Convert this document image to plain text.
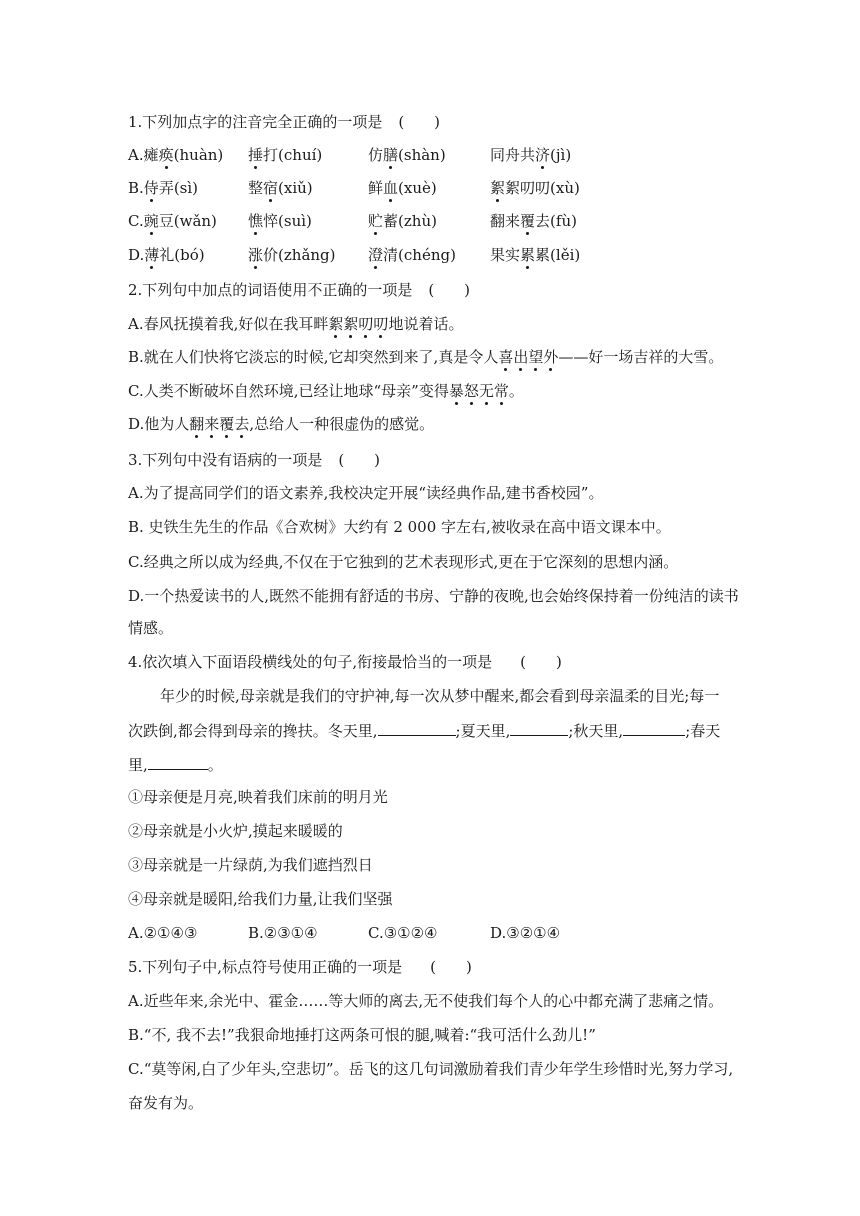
1.下列加点字的注音完全正确的一项是 (　　)
A.瘫痪(huàn) 捶打(chuí)	仿膳(shàn)	同舟共济(jì)
B.侍弄(sì)	整宿(xiǔ)	鲜血(xuè)	絮絮叨叨(xù)
C.豌豆(wǎn) 憔悴(suì)	贮蓄(zhù)	翻来覆去(fù)
D.薄礼(bó)	涨价(zhǎng) 澄清(chéng) 果实累累(lěi)
2.下列句中加点的词语使用不正确的一项是 (　　)
A.春风抚摸着我,好似在我耳畔絮絮叨叨地说着话。
B.就在人们快将它淡忘的时候,它却突然到来了,真是令人喜出望外——好一场吉祥的大雪。
C.人类不断破坏自然环境,已经让地球“母亲”变得暴怒无常。
D.他为人翻来覆去,总给人一种很虚伪的感觉。
3.下列句中没有语病的一项是 (　　)
A.为了提高同学们的语文素养,我校决定开展“读经典作品,建书香校园”。
B. 史铁生先生的作品《合欢树》大约有 2 000 字左右,被收录在高中语文课本中。
C.经典之所以成为经典,不仅在于它独到的艺术表现形式,更在于它深刻的思想内涵。
D.一个热爱读书的人,既然不能拥有舒适的书房、宁静的夜晚,也会始终保持着一份纯洁的读书
情感。
4.依次填入下面语段横线处的句子,衔接最恰当的一项是 (　　)
年少的时候,母亲就是我们的守护神,每一次从梦中醒来,都会看到母亲温柔的目光;每一
次跌倒,都会得到母亲的搀扶。冬天里,	;夏天里,	;秋天里,	;春天
里,	。
①母亲便是月亮,映着我们床前的明月光
②母亲就是小火炉,摸起来暖暖的
③母亲就是一片绿荫,为我们遮挡烈日
④母亲就是暖阳,给我们力量,让我们坚强
A.②①④③	B.②③①④	C.③①②④	D.③②①④
5.下列句子中,标点符号使用正确的一项是 (　　)
A.近些年来,余光中、霍金……等大师的离去,无不使我们每个人的心中都充满了悲痛之情。
B.“不, 我不去!”我狠命地捶打这两条可恨的腿,喊着:“我可活什么劲儿!”
C.“莫等闲,白了少年头,空悲切”。岳飞的这几句词激励着我们青少年学生珍惜时光,努力学习,
奋发有为。
